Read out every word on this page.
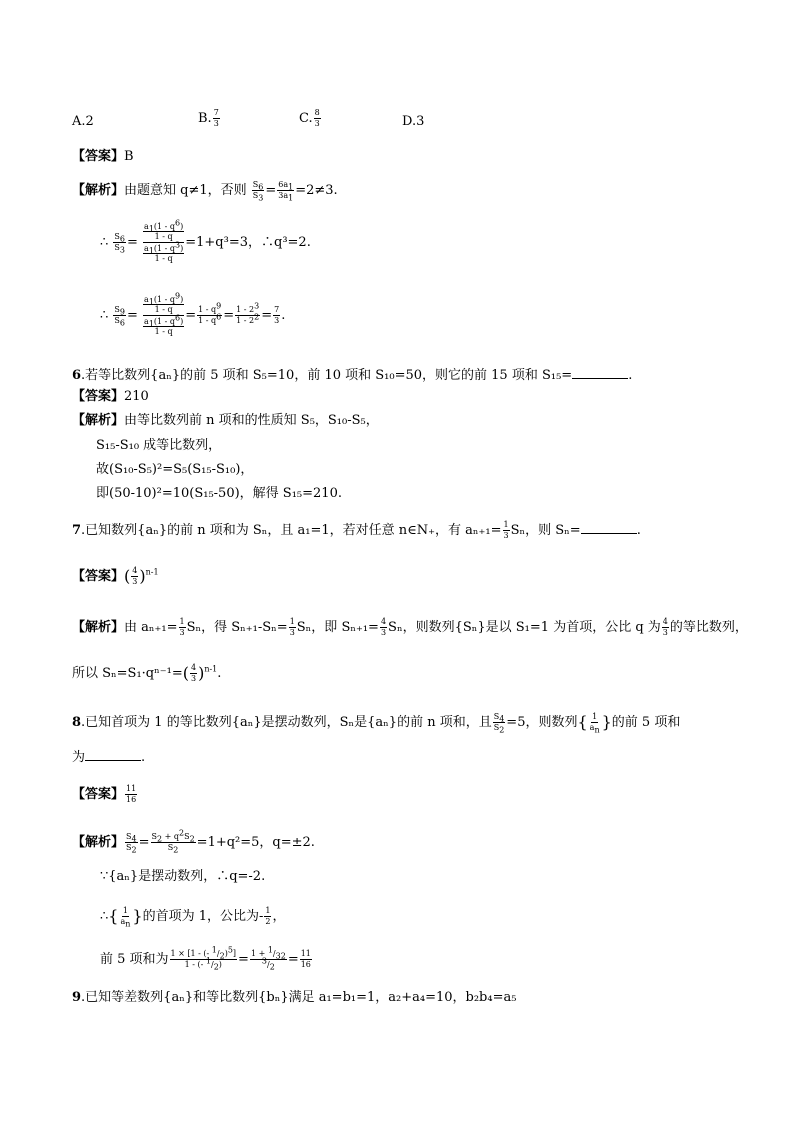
A.2	B. $\frac{7}{3}$	C. $\frac{8}{3}$	D.3
【答案】B
【解析】由题意知 q≠1，否则 $\frac{S_6}{S_3} = \frac{6a_1}{3a_1} =2\ne 3$.
∴ $\frac{S_6}{S_3} = a_1(1 - q^6)$
1 - q
$a_1(1 - q^3)$
1 - q =1+q³=3，∴q³=2.
∴ $\frac{S_9}{S_6} = a_1(1 - q^9)$
1 - q
$a_1(1 - q^6)$
$1 - q = \frac{1 - q^9}{1 - q^6} = \frac{1 - 2^3}{1 - 2^2} = \frac{7}{3}$ .
6.若等比数列{aₙ}的前 5 项和 S₅=10，前 10 项和 S₁₀=50，则它的前 15 项和 S₁₅=	.
【答案】210
【解析】由等比数列前 n 项和的性质知 S₅，S₁₀-S₅，
S₁₅-S₁₀ 成等比数列，
故(S₁₀-S₅)²=S₅(S₁₅-S₁₀)，
即(50-10)²=10(S₁₅-50)，解得 S₁₅=210.
7.已知数列{aₙ}的前 n 项和为 Sₙ，且 a₁=1，若对任意 n∈N₊，有 $a_{n+1}= \frac{1}{3}$ Sₙ，则 Sₙ=	.
【答案】( $\frac{4}{3} )^{n-1}$
【解析】由 $a_{n+1}= \frac{1}{3}$ Sₙ，得 $S_{n+1}-S_n= \frac{1}{3}$ Sₙ，即 $S_{n+1}= \frac{4}{3}$ Sₙ，则数列{Sₙ}是以 S₁=1 为首项，公比 q 为 $\frac{4}{3}$ 的等比数列，
所以 $S_n=S_1\cdot q^{n-1}=( \frac{4}{3} )^{n-1}$.
8.已知首项为 1 的等比数列{aₙ}是摆动数列，Sₙ是{aₙ}的前 n 项和，且 $\frac{S_4}{S_2} =5$，则数列{ $\frac{1}{a_n}$ }的前 5 项和
为	.
【答案】 $\frac{11}{16}$
【解析】 $\frac{S_4}{S_2} = \frac{S_2 + q^2S_2}{S_2} =1+q^2=5$，q=±2.
∵{aₙ}是摆动数列，∴q=-2.
∴{ $\frac{1}{a_n}$ }的首项为 1，公比为- $\frac{1}{2}$ ，
前 5 项和为 $\frac{1 \times [1 - (- ^1/_2)^5]}{1 - (- ^1/_2)} = \frac{1 + ^1/_{32}}{^3/_2} = \frac{11}{16}$
9.已知等差数列{aₙ}和等比数列{bₙ}满足 a₁=b₁=1，a₂+a₄=10，b₂b₄=a₅
